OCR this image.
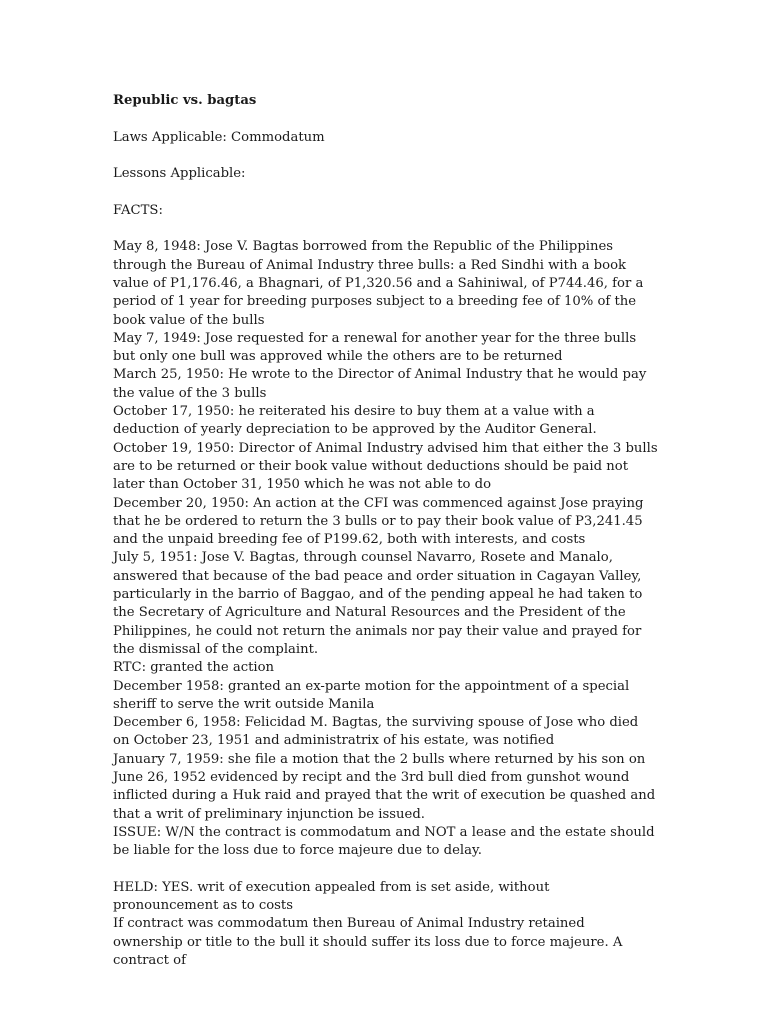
Republic vs. bagtas

Laws Applicable: Commodatum

Lessons Applicable:

FACTS:

May 8, 1948: Jose V. Bagtas borrowed from the Republic of the Philippines through the Bureau of Animal Industry three bulls: a Red Sindhi with a book value of P1,176.46, a Bhagnari, of P1,320.56 and a Sahiniwal, of P744.46, for a period of 1 year for breeding purposes subject to a breeding fee of 10% of the book value of the bulls

May 7, 1949: Jose requested for a renewal for another year for the three bulls but only one bull was approved while the others are to be returned

March 25, 1950: He wrote to the Director of Animal Industry that he would pay the value of the 3 bulls

October 17, 1950: he reiterated his desire to buy them at a value with a deduction of yearly depreciation to be approved by the Auditor General.

October 19, 1950: Director of Animal Industry advised him that either the 3 bulls are to be returned or their book value without deductions should be paid not later than October 31, 1950 which he was not able to do

December 20, 1950: An action at the CFI was commenced against Jose praying that he be ordered to return the 3 bulls or to pay their book value of P3,241.45 and the unpaid breeding fee of P199.62, both with interests, and costs

July 5, 1951: Jose V. Bagtas, through counsel Navarro, Rosete and Manalo, answered that because of the bad peace and order situation in Cagayan Valley, particularly in the barrio of Baggao, and of the pending appeal he had taken to the Secretary of Agriculture and Natural Resources and the President of the Philippines, he could not return the animals nor pay their value and prayed for the dismissal of the complaint.

RTC: granted the action

December 1958: granted an ex-parte motion for the appointment of a special sheriff to serve the writ outside Manila

December 6, 1958: Felicidad M. Bagtas, the surviving spouse of Jose who died on October 23, 1951 and administratrix of his estate, was notified

January 7, 1959: she file a motion that the 2 bulls where returned by his son on June 26, 1952 evidenced by recipt and the 3rd bull died from gunshot wound inflicted during a Huk raid and prayed that the writ of execution be quashed and that a writ of preliminary injunction be issued.

ISSUE: W/N the contract is commodatum and NOT a lease and the estate should be liable for the loss due to force majeure due to delay.

HELD: YES. writ of execution appealed from is set aside, without pronouncement as to costs

If contract was commodatum then Bureau of Animal Industry retained ownership or title to the bull it should suffer its loss due to force majeure. A contract of
